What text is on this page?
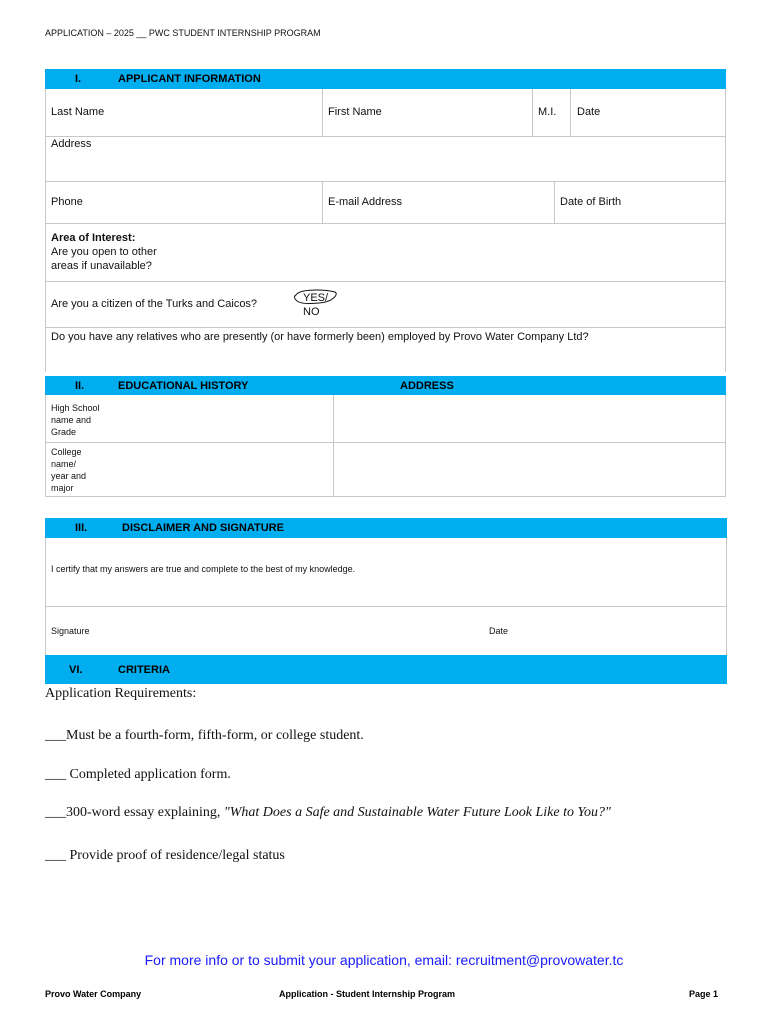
APPLICATION – 2025 __ PWC STUDENT INTERNSHIP PROGRAM
I.	APPLICANT INFORMATION
Last Name	First Name	M.I. Date
Address
Phone	E-mail Address	Date of Birth
Area of Interest:
Are you open to other
areas if unavailable?
Are you a citizen of the Turks and Caicos?	YES/
NO
Do you have any relatives who are presently (or have formerly been) employed by Provo Water Company Ltd?
II.	EDUCATIONAL HISTORY	ADDRESS
High School
name and
Grade
College
name/
year and
major
III.	DISCLAIMER AND SIGNATURE
I certify that my answers are true and complete to the best of my knowledge.
Signature	Date
VI.	CRITERIA
Application Requirements:
___Must be a fourth-form, fifth-form, or college student.
___ Completed application form.
___300-word essay explaining, "What Does a Safe and Sustainable Water Future Look Like to You?"
___ Provide proof of residence/legal status
For more info or to submit your application, email: recruitment@provowater.tc
Provo Water Company	Application - Student Internship Program	Page 1
